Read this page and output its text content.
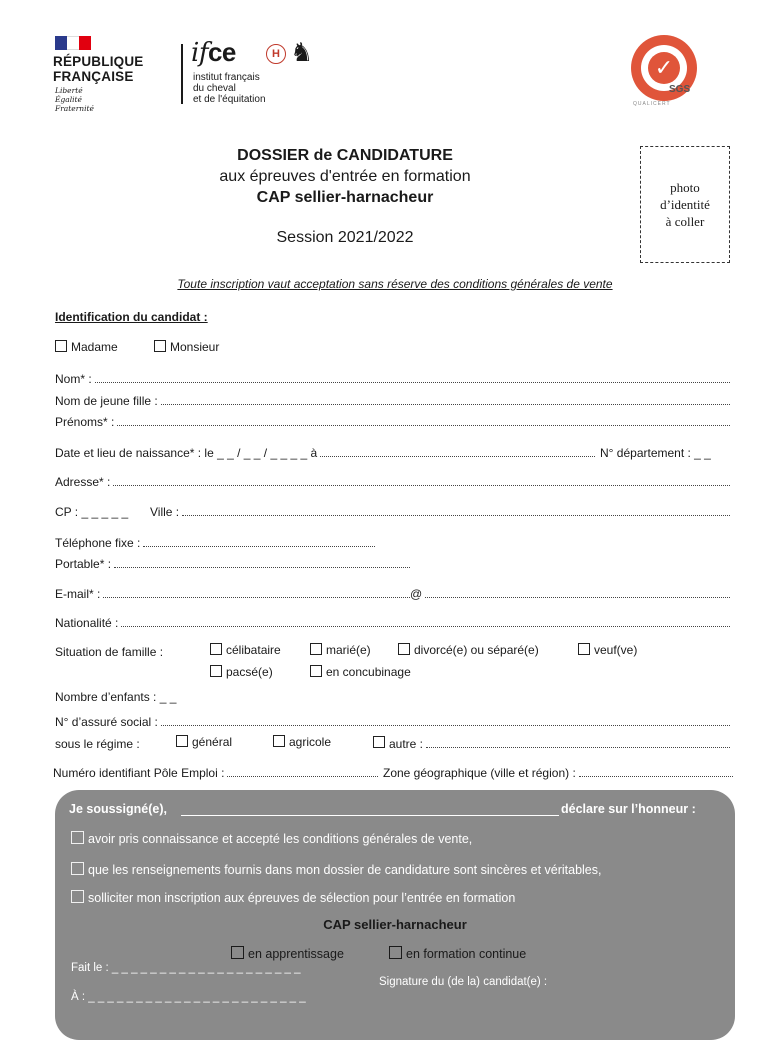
RÉPUBLIQUE
FRANÇAISE
Liberté
Égalité
Fraternité
ifce	H ♞
institut français
du cheval
et de l'équitation
✓
SGS
QUALICERT
DOSSIER de CANDIDATURE
aux épreuves d'entrée en formation
CAP sellier-harnacheur
Session 2021/2022
photo
d’identité
à coller
Toute inscription vaut acceptation sans réserve des conditions générales de vente
Identification du candidat :
Madame	Monsieur
Nom* :
Nom de jeune fille :
Prénoms* :
Date et lieu de naissance* : le _ _ / _ _ / _ _ _ _ à	N° département : _ _
Adresse* :
CP : _ _ _ _ _ Ville :
Téléphone fixe :
Portable* :
E-mail* :	@
Nationalité :
Situation de famille :	célibataire	marié(e)	divorcé(e) ou séparé(e)	veuf(ve)
pacsé(e)	en concubinage
Nombre d’enfants : _ _
N° d’assuré social :
sous le régime :	général	agricole	autre :
Numéro identifiant Pôle Emploi :	Zone géographique (ville et région) :
Je soussigné(e),	déclare sur l’honneur :
avoir pris connaissance et accepté les conditions générales de vente,
que les renseignements fournis dans mon dossier de candidature sont sincères et véritables,
solliciter mon inscription aux épreuves de sélection pour l’entrée en formation
CAP sellier-harnacheur
en apprentissage	en formation continue
Fait le : _ _ _ _ _ _ _ _ _ _ _ _ _ _ _ _ _ _ _ _
Signature du (de la) candidat(e) :
À : _ _ _ _ _ _ _ _ _ _ _ _ _ _ _ _ _ _ _ _ _ _ _
